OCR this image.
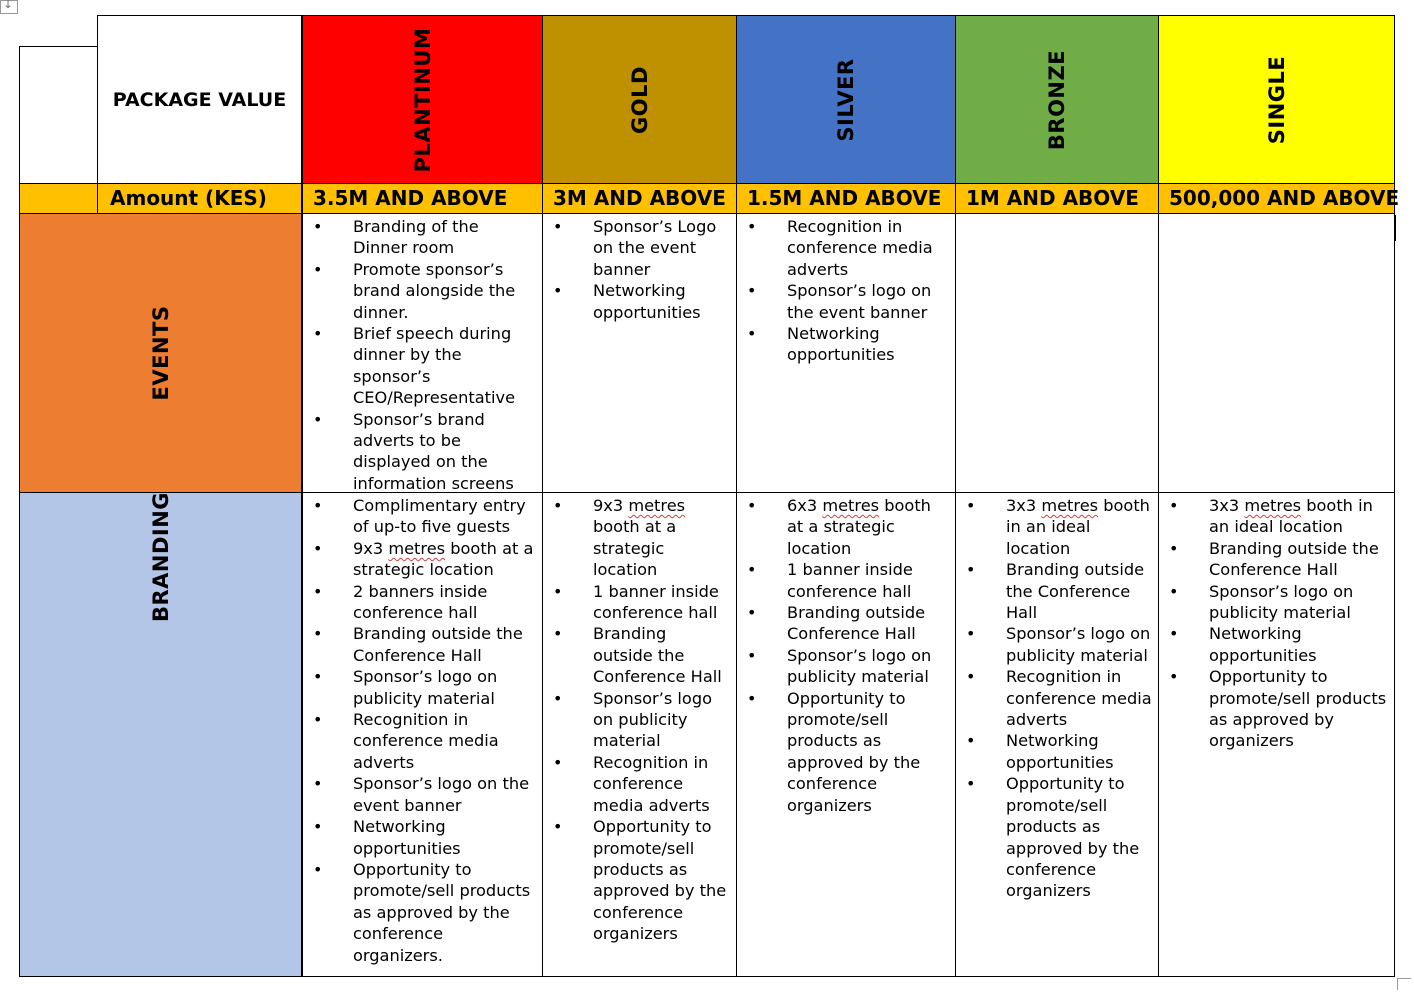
↧
PACKAGE VALUE	PLANTINUM	GOLD	SILVER	BRONZE	SINGLE
Amount (KES)	3.5M AND ABOVE	3M AND ABOVE	1.5M AND ABOVE	1M AND ABOVE	500,000 AND ABOVE
EVENTS
• Branding of the Dinner room
• Promote sponsor’s brand alongside the dinner.
• Brief speech during dinner by the sponsor’s CEO/Representative
• Sponsor’s brand adverts to be displayed on the information screens
• Sponsor’s Logo on the event banner
• Networking opportunities
• Recognition in conference media adverts
• Sponsor’s logo on the event banner
• Networking opportunities
BRANDING
•	Complimentary entry of up-to five guests
• 9x3 metres booth at a strategic location
• 2 banners inside conference hall
• Branding outside the Conference Hall
• Sponsor’s logo on publicity material
• Recognition in conference media adverts
• Sponsor’s logo on the event banner
• Networking opportunities
• Opportunity to promote/sell products as approved by the conference organizers.
• 9x3 metres booth at a strategic location
• 1 banner inside conference hall
• Branding outside the Conference Hall
• Sponsor’s logo on publicity material
• Recognition in conference media adverts
• Opportunity to promote/sell products as approved by the conference organizers
• 6x3 metres booth at a strategic location
• 1 banner inside conference hall
• Branding outside Conference Hall
• Sponsor’s logo on publicity material
• Opportunity to promote/sell products as approved by the conference organizers
• 3x3 metres booth in an ideal location
• Branding outside the Conference Hall
• Sponsor’s logo on publicity material
• Recognition in conference media adverts
• Networking opportunities
• Opportunity to promote/sell products as approved by the conference organizers
• 3x3 metres booth in an ideal location
• Branding outside the Conference Hall
• Sponsor’s logo on publicity material
• Networking opportunities
• Opportunity to promote/sell products as approved by organizers
